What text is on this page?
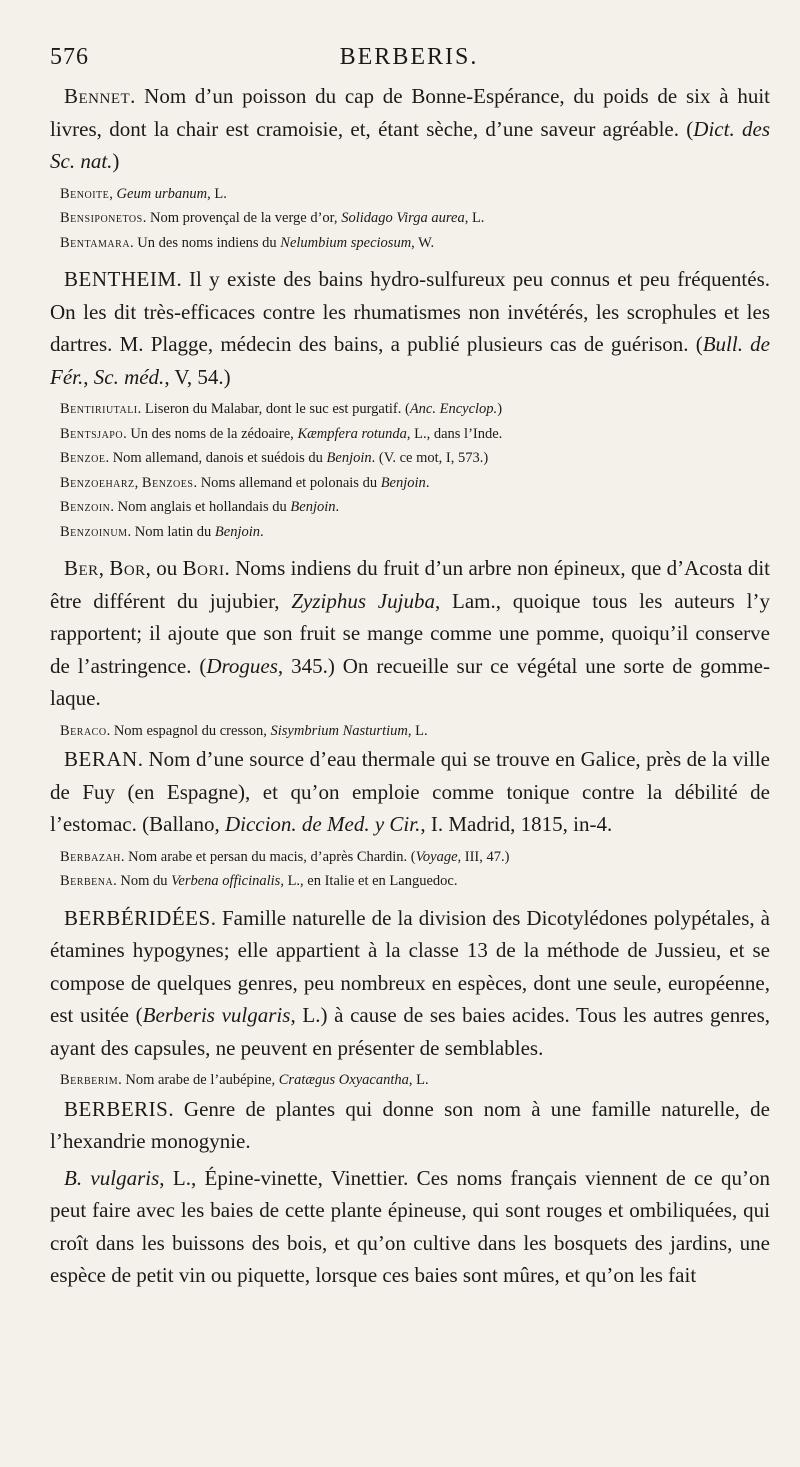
576	BERBERIS.

Bennet. Nom d’un poisson du cap de Bonne-Espérance, du poids de six à huit livres, dont la chair est cramoisie, et, étant sèche, d’une saveur agréable. (Dict. des Sc. nat.)

Benoite, Geum urbanum, L.

Bensiponetos. Nom provençal de la verge d’or, Solidago Virga aurea, L.

Bentamara. Un des noms indiens du Nelumbium speciosum, W.

BENTHEIM. Il y existe des bains hydro-sulfureux peu connus et peu fréquentés. On les dit très-efficaces contre les rhumatismes non invétérés, les scrophules et les dartres. M. Plagge, médecin des bains, a publié plusieurs cas de guérison. (Bull. de Fér., Sc. méd., V, 54.)

Bentiriutali. Liseron du Malabar, dont le suc est purgatif. (Anc. Encyclop.)

Bentsjapo. Un des noms de la zédoaire, Kæmpfera rotunda, L., dans l’Inde.

Benzoe. Nom allemand, danois et suédois du Benjoin. (V. ce mot, I, 573.)

Benzoeharz, Benzoes. Noms allemand et polonais du Benjoin.

Benzoin. Nom anglais et hollandais du Benjoin.

Benzoinum. Nom latin du Benjoin.

Ber, Bor, ou Bori. Noms indiens du fruit d’un arbre non épineux, que d’Acosta dit être différent du jujubier, Zyziphus Jujuba, Lam., quoique tous les auteurs l’y rapportent; il ajoute que son fruit se mange comme une pomme, quoiqu’il conserve de l’astringence. (Drogues, 345.) On recueille sur ce végétal une sorte de gomme-laque.

Beraco. Nom espagnol du cresson, Sisymbrium Nasturtium, L.

BERAN. Nom d’une source d’eau thermale qui se trouve en Galice, près de la ville de Fuy (en Espagne), et qu’on emploie comme tonique contre la débilité de l’estomac. (Ballano, Diccion. de Med. y Cir., I. Madrid, 1815, in-4.

Berbazah. Nom arabe et persan du macis, d’après Chardin. (Voyage, III, 47.)

Berbena. Nom du Verbena officinalis, L., en Italie et en Languedoc.

BERBÉRIDÉES. Famille naturelle de la division des Dicotylédones polypétales, à étamines hypogynes; elle appartient à la classe 13 de la méthode de Jussieu, et se compose de quelques genres, peu nombreux en espèces, dont une seule, européenne, est usitée (Berberis vulgaris, L.) à cause de ses baies acides. Tous les autres genres, ayant des capsules, ne peuvent en présenter de semblables.

Berberim. Nom arabe de l’aubépine, Cratægus Oxyacantha, L.

BERBERIS. Genre de plantes qui donne son nom à une famille naturelle, de l’hexandrie monogynie.

B. vulgaris, L., Épine-vinette, Vinettier. Ces noms français viennent de ce qu’on peut faire avec les baies de cette plante épineuse, qui sont rouges et ombiliquées, qui croît dans les buissons des bois, et qu’on cultive dans les bosquets des jardins, une espèce de petit vin ou piquette, lorsque ces baies sont mûres, et qu’on les fait
